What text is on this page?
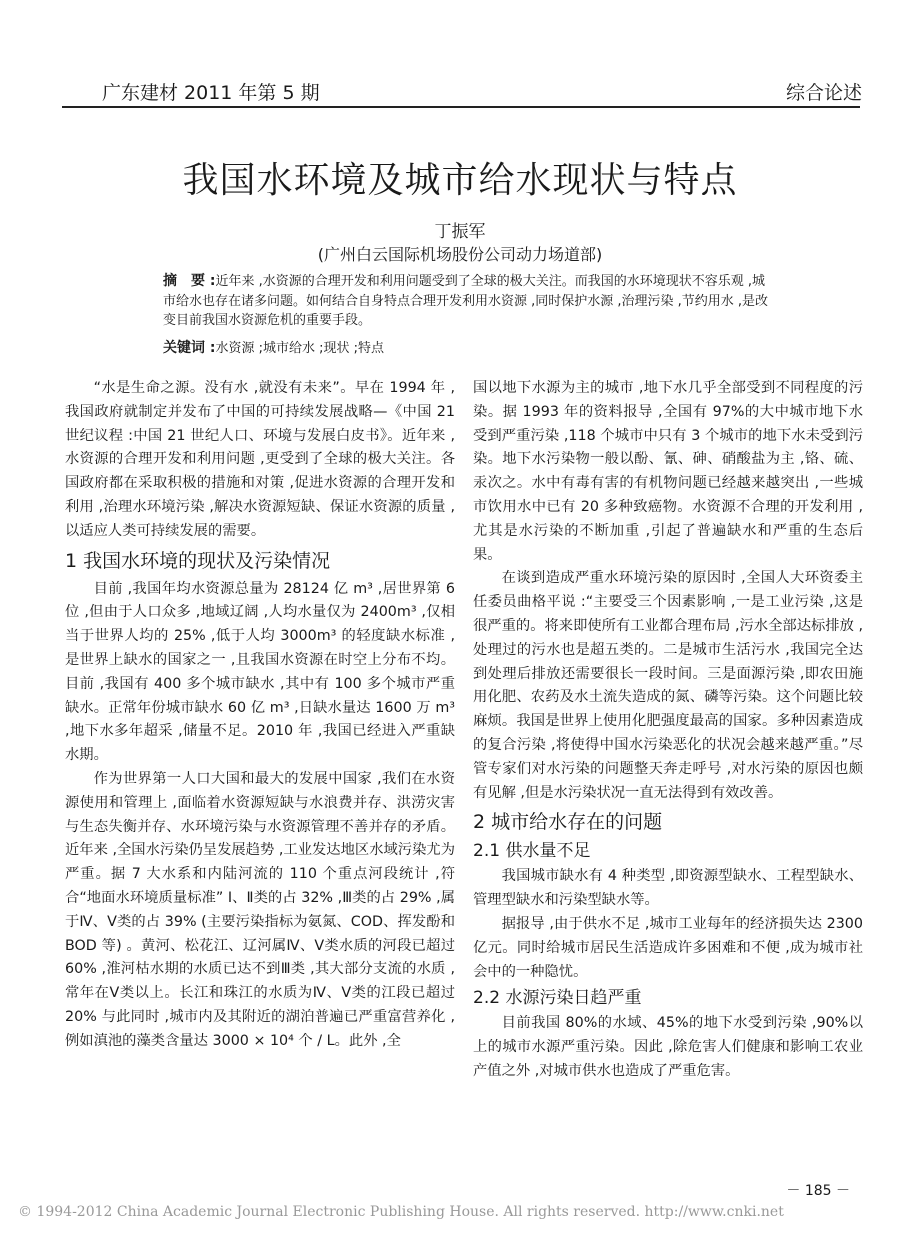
广东建材 2011 年第 5 期	综合论述
我国水环境及城市给水现状与特点
丁振军
(广州白云国际机场股份公司动力场道部)
摘　要 :近年来 ,水资源的合理开发和利用问题受到了全球的极大关注。而我国的水环境现状不容乐观 ,城市给水也存在诸多问题。如何结合自身特点合理开发利用水资源 ,同时保护水源 ,治理污染 ,节约用水 ,是改变目前我国水资源危机的重要手段。
关键词 :水资源 ;城市给水 ;现状 ;特点

“水是生命之源。没有水 ,就没有未来”。早在 1994 年 ,我国政府就制定并发布了中国的可持续发展战略—《中国 21 世纪议程 :中国 21 世纪人口、环境与发展白皮书》。近年来 ,水资源的合理开发和利用问题 ,更受到了全球的极大关注。各国政府都在采取积极的措施和对策 ,促进水资源的合理开发和利用 ,治理水环境污染 ,解决水资源短缺、保证水资源的质量 ,以适应人类可持续发展的需要。

1 我国水环境的现状及污染情况

目前 ,我国年均水资源总量为 28124 亿 m³ ,居世界第 6 位 ,但由于人口众多 ,地域辽阔 ,人均水量仅为 2400m³ ,仅相当于世界人均的 25% ,低于人均 3000m³ 的轻度缺水标准 ,是世界上缺水的国家之一 ,且我国水资源在时空上分布不均。目前 ,我国有 400 多个城市缺水 ,其中有 100 多个城市严重缺水。正常年份城市缺水 60 亿 m³ ,日缺水量达 1600 万 m³ ,地下水多年超采 ,储量不足。2010 年 ,我国已经进入严重缺水期。

作为世界第一人口大国和最大的发展中国家 ,我们在水资源使用和管理上 ,面临着水资源短缺与水浪费并存、洪涝灾害与生态失衡并存、水环境污染与水资源管理不善并存的矛盾。近年来 ,全国水污染仍呈发展趋势 ,工业发达地区水域污染尤为严重。据 7 大水系和内陆河流的 110 个重点河段统计 ,符合“地面水环境质量标准” Ⅰ、Ⅱ类的占 32% ,Ⅲ类的占 29% ,属于Ⅳ、Ⅴ类的占 39% (主要污染指标为氨氮、COD、挥发酚和 BOD 等) 。黄河、松花江、辽河属Ⅳ、Ⅴ类水质的河段已超过 60% ,淮河枯水期的水质已达不到Ⅲ类 ,其大部分支流的水质 ,常年在Ⅴ类以上。长江和珠江的水质为Ⅳ、Ⅴ类的江段已超过 20% 与此同时 ,城市内及其附近的湖泊普遍已严重富营养化 ,例如滇池的藻类含量达 3000 × 10⁴ 个 / L。此外 ,全

国以地下水源为主的城市 ,地下水几乎全部受到不同程度的污染。据 1993 年的资料报导 ,全国有 97%的大中城市地下水受到严重污染 ,118 个城市中只有 3 个城市的地下水未受到污染。地下水污染物一般以酚、氰、砷、硝酸盐为主 ,铬、硫、汞次之。水中有毒有害的有机物问题已经越来越突出 ,一些城市饮用水中已有 20 多种致癌物。水资源不合理的开发利用 ,尤其是水污染的不断加重 ,引起了普遍缺水和严重的生态后果。

在谈到造成严重水环境污染的原因时 ,全国人大环资委主任委员曲格平说 :“主要受三个因素影响 ,一是工业污染 ,这是很严重的。将来即使所有工业都合理布局 ,污水全部达标排放 ,处理过的污水也是超五类的。二是城市生活污水 ,我国完全达到处理后排放还需要很长一段时间。三是面源污染 ,即农田施用化肥、农药及水土流失造成的氮、磷等污染。这个问题比较麻烦。我国是世界上使用化肥强度最高的国家。多种因素造成的复合污染 ,将使得中国水污染恶化的状况会越来越严重。”尽管专家们对水污染的问题整天奔走呼号 ,对水污染的原因也颇有见解 ,但是水污染状况一直无法得到有效改善。

2 城市给水存在的问题
2.1 供水量不足

我国城市缺水有 4 种类型 ,即资源型缺水、工程型缺水、管理型缺水和污染型缺水等。

据报导 ,由于供水不足 ,城市工业每年的经济损失达 2300 亿元。同时给城市居民生活造成许多困难和不便 ,成为城市社会中的一种隐忧。

2.2 水源污染日趋严重

目前我国 80%的水域、45%的地下水受到污染 ,90%以上的城市水源严重污染。因此 ,除危害人们健康和影响工农业产值之外 ,对城市供水也造成了严重危害。

－ 185 －
© 1994-2012 China Academic Journal Electronic Publishing House. All rights reserved. http://www.cnki.net
